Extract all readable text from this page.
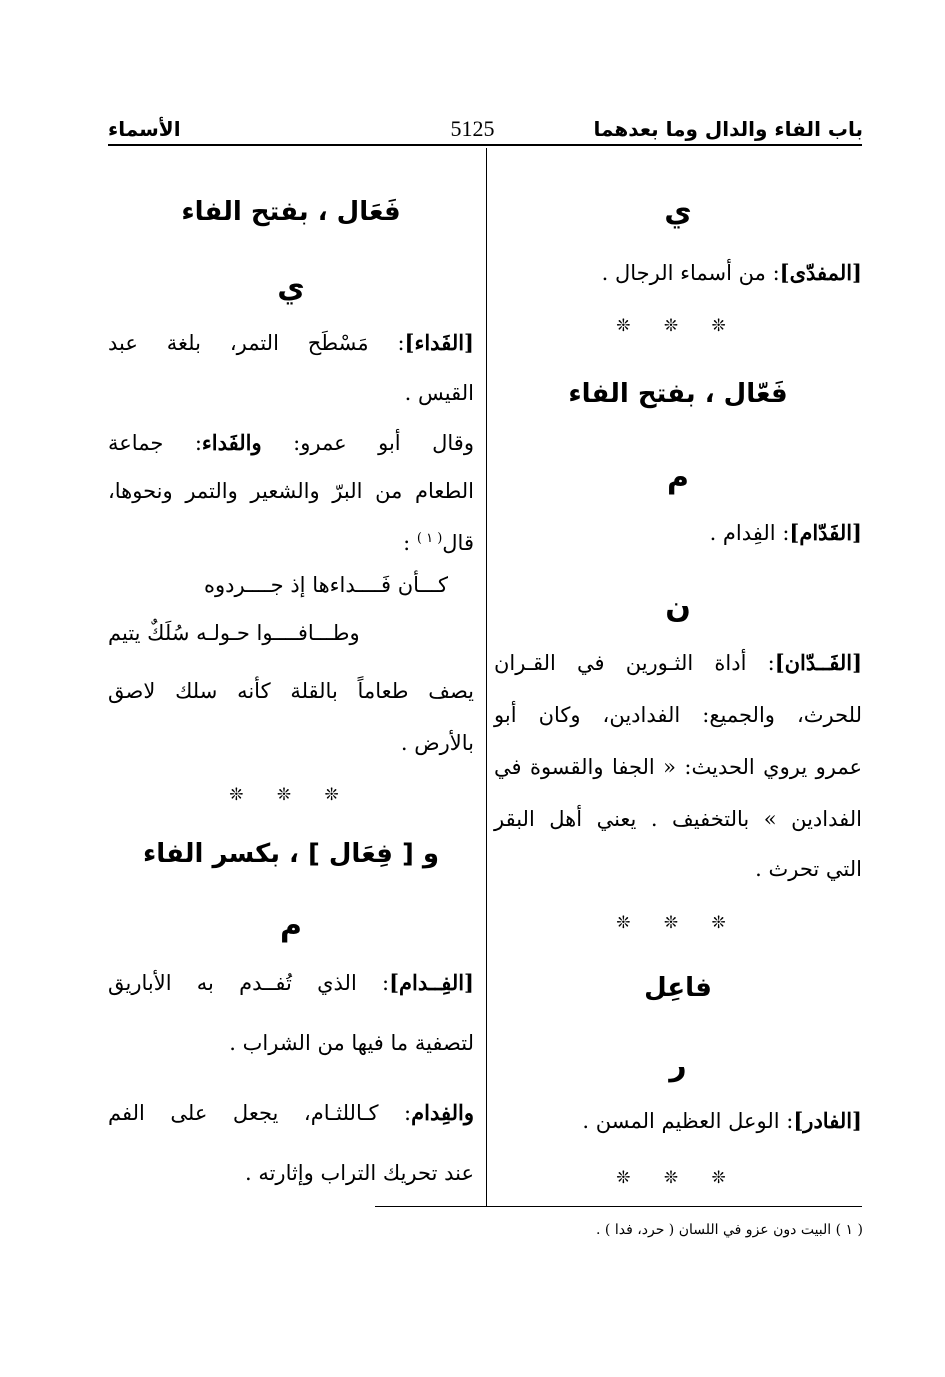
باب الفاء والدال وما بعدهما
5125
الأسماء
ي
[المفدّى]: من أسماء الرجال .
❊ ❊ ❊
فَعّال ، بفتح الفاء
م
[الفَدّام]: الفِدام .
ن
[الفَــدّان]: أداة الثـورين في القـران
للحرث، والجميع: الفدادين، وكان أبو
عمرو يروي الحديث: « الجفا والقسوة في
الفدادين » بالتخفيف . يعني أهل البقر
التي تحرث .
❊ ❊ ❊
فاعِل
ر
[الفادر]: الوعل العظيم المسن .
❊ ❊ ❊
فَعَال ، بفتح الفاء
ي
[الفَداء]: مَسْطَح التمر، بلغة عبد
القيس .
وقال أبو عمرو: والفَداء: جماعة
الطعام من البرّ والشعير والتمر ونحوها،
قال$^{( ١ )}$ :
كـــأن فَــــداءها إذ جــــردوه
وطـــافــــوا حـولـه سُلَكٌ يتيم
يصف طعاماً بالقلة كأنه سلك لاصق
بالأرض .
❊ ❊ ❊
و [ فِعَال ] ، بكسر الفاء
م
[الفِــدام]: الذي تُفــدم به الأباريق
لتصفية ما فيها من الشراب .
والفِدام: كـاللثـام، يجعل على الفم
عند تحريك التراب وإثارته .
( ١ ) البيت دون عزو في اللسان ( حرد، فدا ) .
